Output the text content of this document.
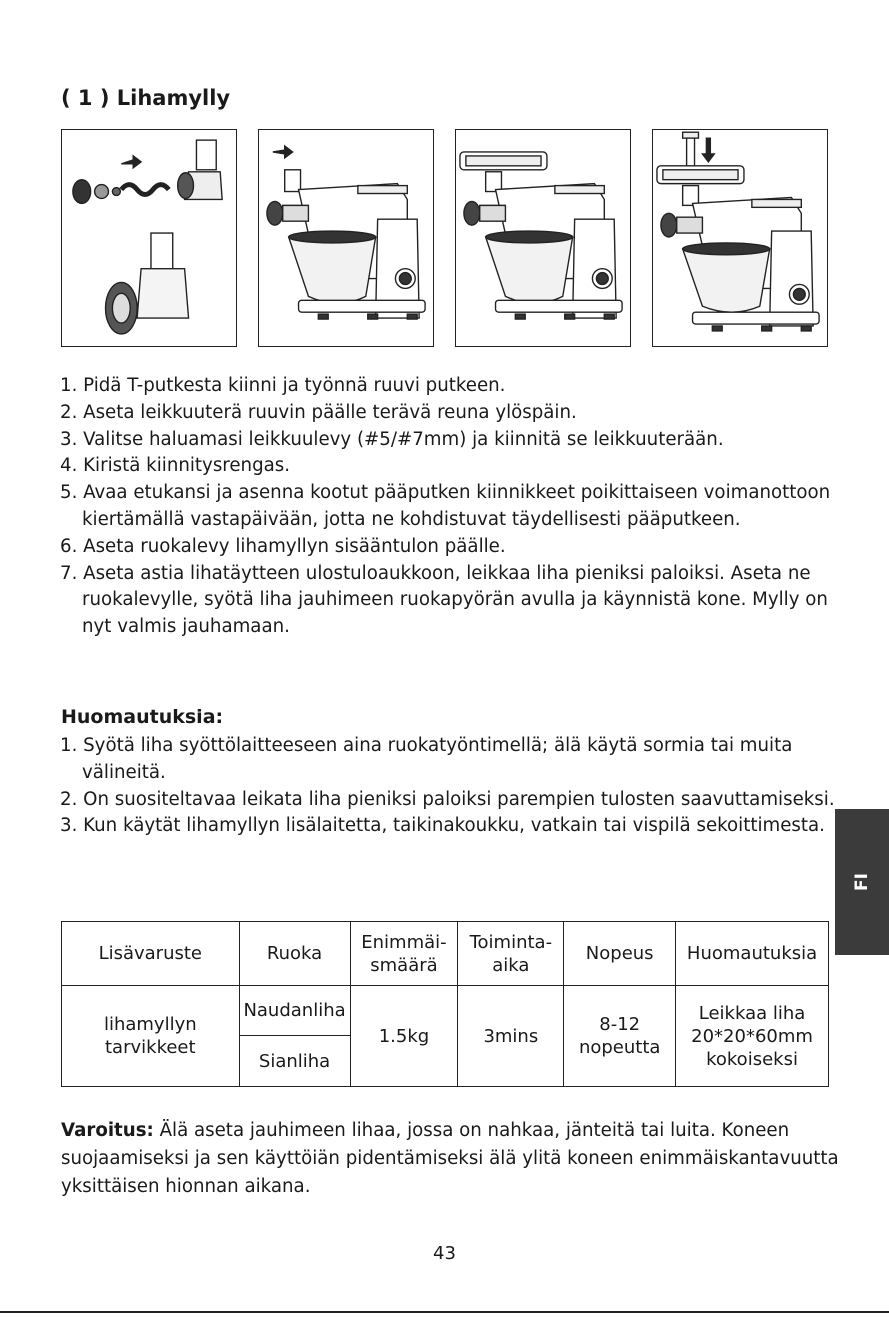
( 1 ) Lihamylly

1. Pidä T-putkesta kiinni ja työnnä ruuvi putkeen.

2. Aseta leikkuuterä ruuvin päälle terävä reuna ylöspäin.

3. Valitse haluamasi leikkuulevy (#5/#7mm) ja kiinnitä se leikkuuterään.

4. Kiristä kiinnitysrengas.

5. Avaa etukansi ja asenna kootut pääputken kiinnikkeet poikittaiseen voimanottoon kiertämällä vastapäivään, jotta ne kohdistuvat täydellisesti pääputkeen.

6. Aseta ruokalevy lihamyllyn sisääntulon päälle.

7. Aseta astia lihatäytteen ulostuloaukkoon, leikkaa liha pieniksi paloiksi. Aseta ne ruokalevylle, syötä liha jauhimeen ruokapyörän avulla ja käynnistä kone. Mylly on nyt valmis jauhamaan.

Huomautuksia:

1. Syötä liha syöttölaitteeseen aina ruokatyöntimellä; älä käytä sormia tai muita välineitä.

2. On suositeltavaa leikata liha pieniksi paloiksi parempien tulosten saavuttamiseksi.

3. Kun käytät lihamyllyn lisälaitetta, taikinakoukku, vatkain tai vispilä sekoittimesta.

FI
Lisävaruste	Ruoka	Enimmäi- smäärä	Toiminta- aika	Nopeus	Huomautuksia
lihamyllyn tarvikkeet	Naudanliha	1.5kg	3mins	8-12 nopeutta	Leikkaa liha 20*20*60mm kokoiseksi
	Sianliha				
Varoitus: Älä aseta jauhimeen lihaa, jossa on nahkaa, jänteitä tai luita. Koneen suojaamiseksi ja sen käyttöiän pidentämiseksi älä ylitä koneen enimmäiskantavuutta yksittäisen hionnan aikana.
43
